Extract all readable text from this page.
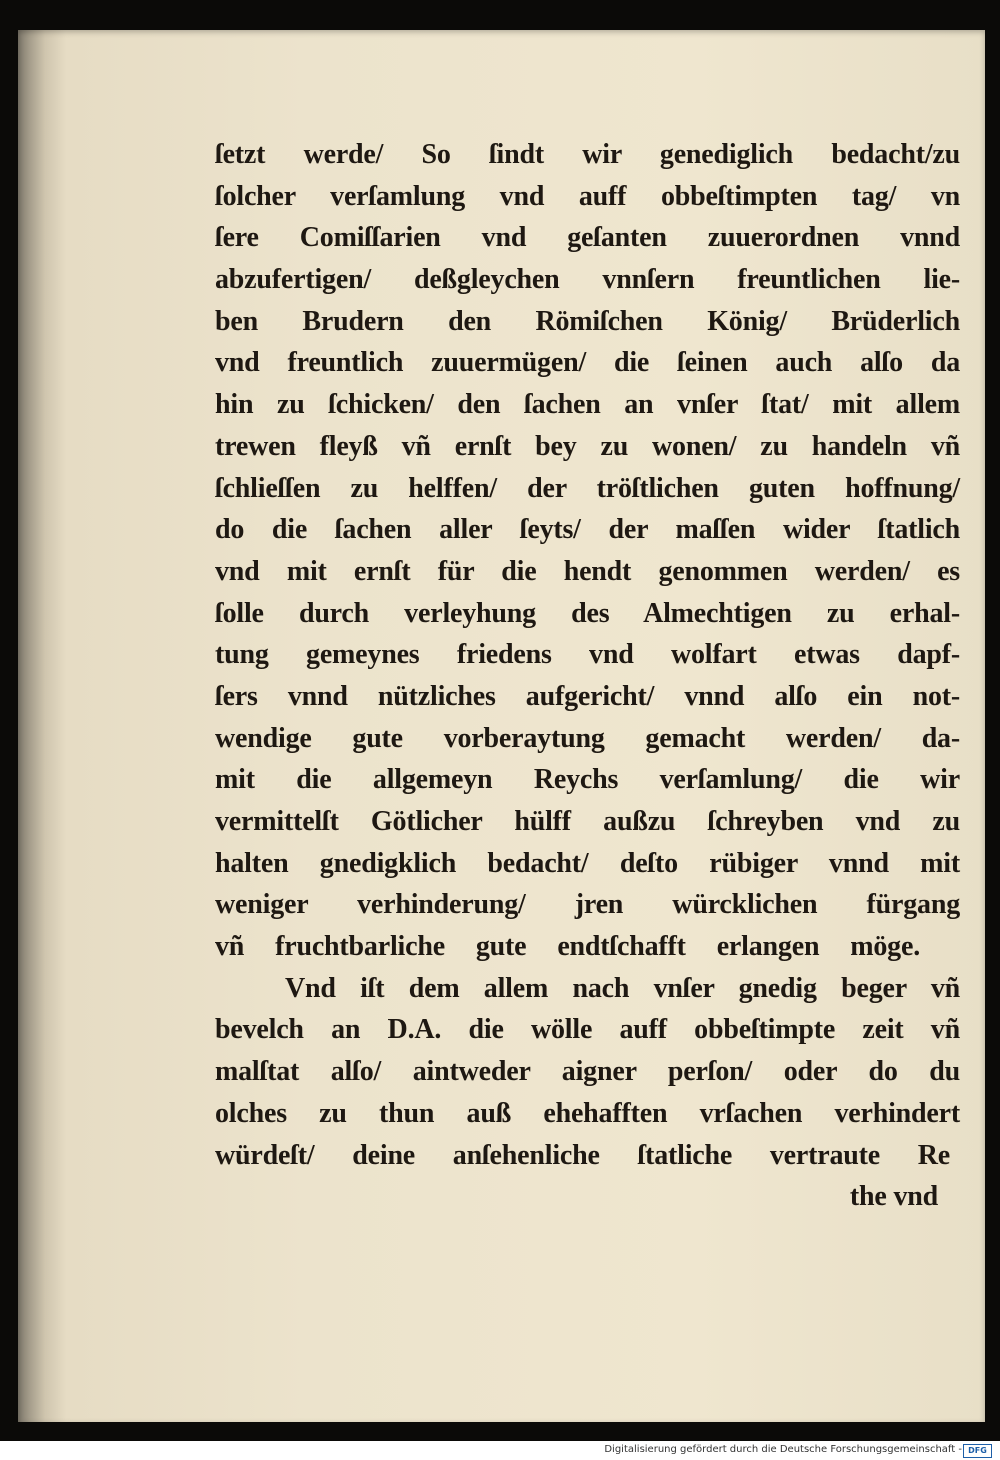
ſetzt werde/ So ſindt wir genediglich bedacht/zu
ſolcher verſamlung vnd auff obbeſtimpten tag/ vn
ſere Comiſſarien vnd geſanten zuuerordnen vnnd
abzufertigen/ deßgleychen vnnſern freuntlichen lie-
ben Brudern den Römiſchen König/ Brüderlich
vnd freuntlich zuuermügen/ die ſeinen auch alſo da
hin zu ſchicken/ den ſachen an vnſer ſtat/ mit allem
trewen fleyß vñ ernſt bey zu wonen/ zu handeln vñ
ſchlieſſen zu helffen/ der tröſtlichen guten hoffnung/
do die ſachen aller ſeyts/ der maſſen wider ſtatlich
vnd mit ernſt für die hendt genommen werden/ es
ſolle durch verleyhung des Almechtigen zu erhal-
tung gemeynes friedens vnd wolfart etwas dapf-
ſers vnnd nützliches aufgericht/ vnnd alſo ein not-
wendige gute vorberaytung gemacht werden/ da-
mit die allgemeyn Reychs verſamlung/ die wir
vermittelſt Götlicher hülff außzu ſchreyben vnd zu
halten gnedigklich bedacht/ deſto rübiger vnnd mit
weniger verhinderung/ jren würcklichen fürgang
vñ fruchtbarliche gute endtſchafft erlangen möge.
Vnd iſt dem allem nach vnſer gnedig beger vñ
bevelch an D.A. die wölle auff obbeſtimpte zeit vñ
malſtat alſo/ aintweder aigner perſon/ oder do du
olches zu thun auß ehehafften vrſachen verhindert
würdeſt/ deine anſehenliche ſtatliche vertraute Re
the vnd
Digitalisierung gefördert durch die Deutsche Forschungsgemeinschaft - DFG
